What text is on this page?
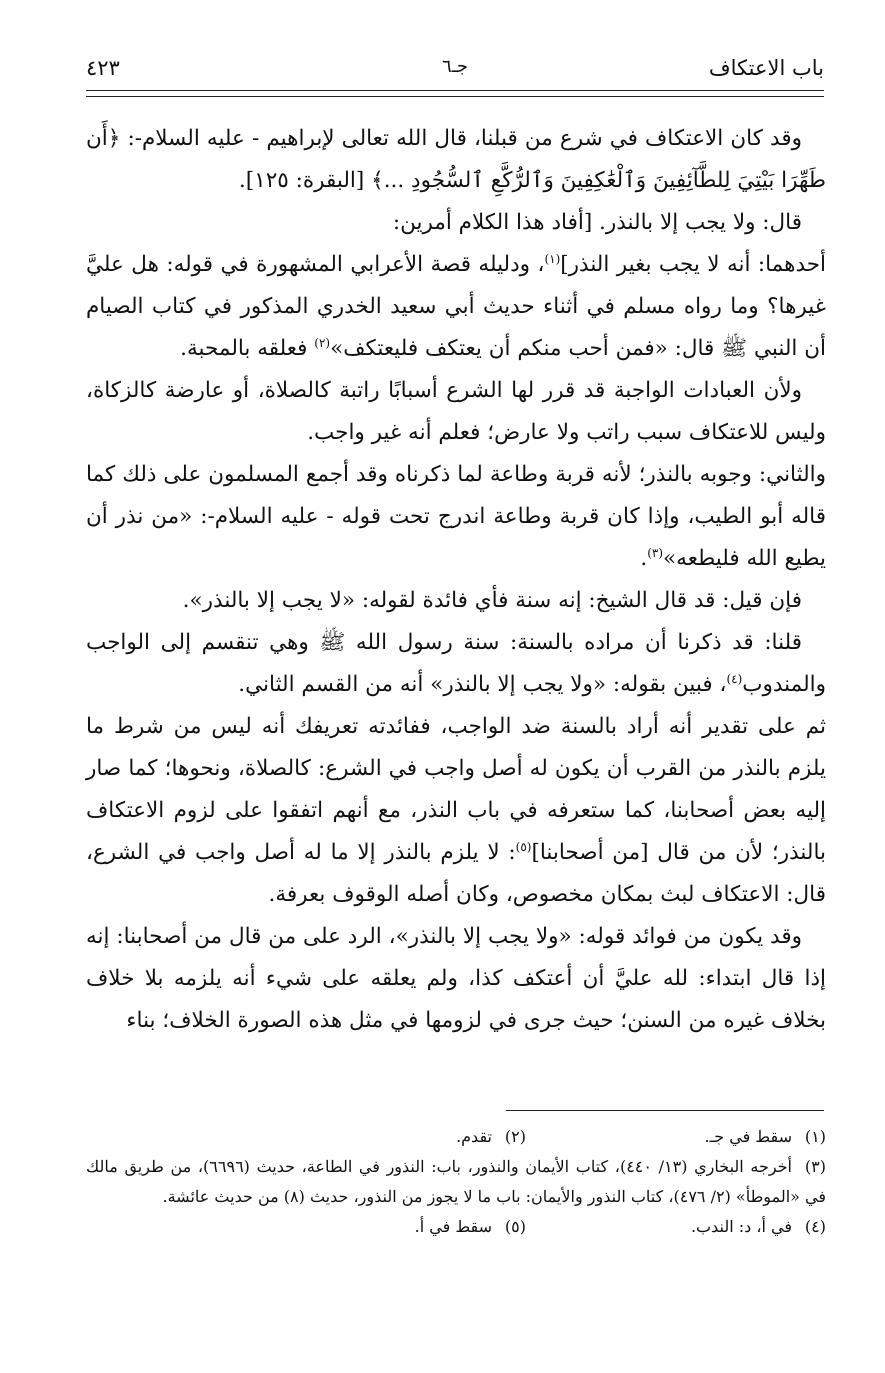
باب الاعتكاف
جـ٦
٤٢٣

وقد كان الاعتكاف في شرع من قبلنا، قال الله تعالى لإبراهيم - عليه السلام-: ﴿أَن طَهِّرَا بَيْتِيَ لِلطَّآئِفِينَ وَٱلْعَٰكِفِينَ وَٱلرُّكَّعِ ٱلسُّجُودِ ...﴾ [البقرة: ١٢٥].

قال: ولا يجب إلا بالنذر. [أفاد هذا الكلام أمرين:

أحدهما: أنه لا يجب بغير النذر]$^{(١)}$، ودليله قصة الأعرابي المشهورة في قوله: هل عليَّ غيرها؟ وما رواه مسلم في أثناء حديث أبي سعيد الخدري المذكور في كتاب الصيام أن النبي ﷺ قال: «فمن أحب منكم أن يعتكف فليعتكف»$^{(٢)}$ فعلقه بالمحبة.

ولأن العبادات الواجبة قد قرر لها الشرع أسبابًا راتبة كالصلاة، أو عارضة كالزكاة، وليس للاعتكاف سبب راتب ولا عارض؛ فعلم أنه غير واجب.

والثاني: وجوبه بالنذر؛ لأنه قربة وطاعة لما ذكرناه وقد أجمع المسلمون على ذلك كما قاله أبو الطيب، وإذا كان قربة وطاعة اندرج تحت قوله - عليه السلام-: «من نذر أن يطيع الله فليطعه»$^{(٣)}$.

فإن قيل: قد قال الشيخ: إنه سنة فأي فائدة لقوله: «لا يجب إلا بالنذر».

قلنا: قد ذكرنا أن مراده بالسنة: سنة رسول الله ﷺ وهي تنقسم إلى الواجب والمندوب$^{(٤)}$، فبين بقوله: «ولا يجب إلا بالنذر» أنه من القسم الثاني.

ثم على تقدير أنه أراد بالسنة ضد الواجب، ففائدته تعريفك أنه ليس من شرط ما يلزم بالنذر من القرب أن يكون له أصل واجب في الشرع: كالصلاة، ونحوها؛ كما صار إليه بعض أصحابنا، كما ستعرفه في باب النذر، مع أنهم اتفقوا على لزوم الاعتكاف بالنذر؛ لأن من قال [من أصحابنا]$^{(٥)}$: لا يلزم بالنذر إلا ما له أصل واجب في الشرع، قال: الاعتكاف لبث بمكان مخصوص، وكان أصله الوقوف بعرفة.

وقد يكون من فوائد قوله: «ولا يجب إلا بالنذر»، الرد على من قال من أصحابنا: إنه إذا قال ابتداء: لله عليَّ أن أعتكف كذا، ولم يعلقه على شيء أنه يلزمه بلا خلاف بخلاف غيره من السنن؛ حيث جرى في لزومها في مثل هذه الصورة الخلاف؛ بناء

(١)سقط في جـ.
(٢)تقدم.

(٣)أخرجه البخاري (١٣/ ٤٤٠)، كتاب الأيمان والنذور، باب: النذور في الطاعة، حديث (٦٦٩٦)، من طريق مالك في «الموطأ» (٢/ ٤٧٦)، كتاب النذور والأيمان: باب ما لا يجوز من النذور، حديث (٨) من حديث عائشة.

(٤)في أ، د: الندب.
(٥)سقط في أ.
